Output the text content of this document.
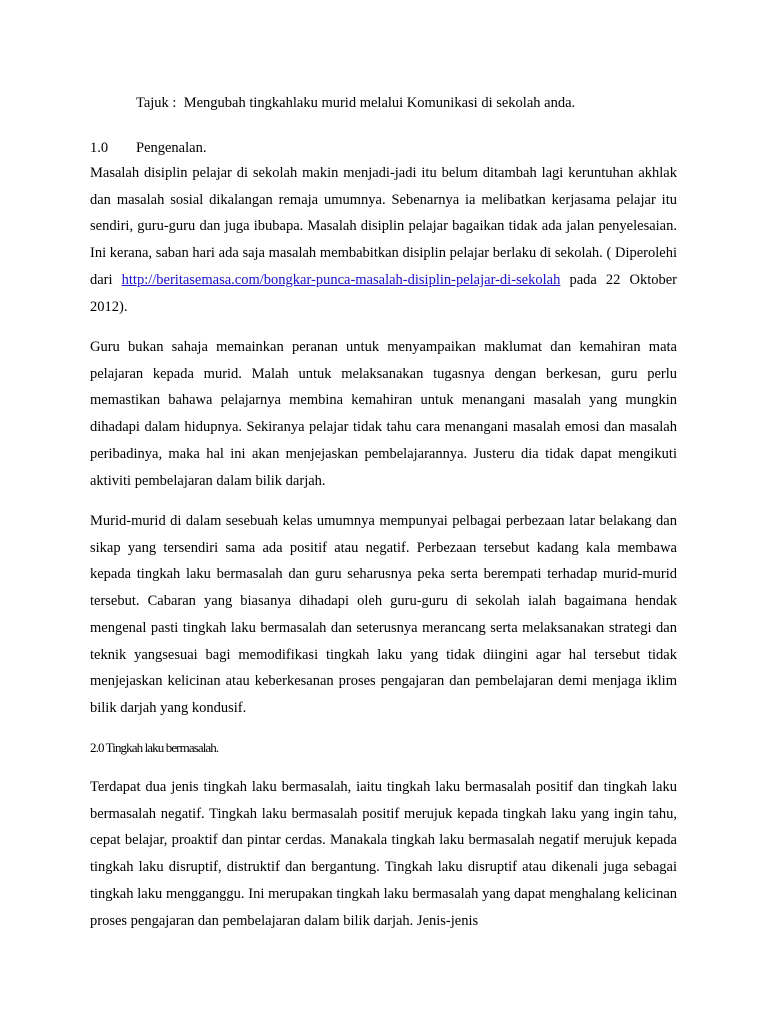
Tajuk : Mengubah tingkahlaku murid melalui Komunikasi di sekolah anda.
1.0 Pengenalan.
Masalah disiplin pelajar di sekolah makin menjadi-jadi itu belum ditambah lagi keruntuhan akhlak dan masalah sosial dikalangan remaja umumnya. Sebenarnya ia melibatkan kerjasama pelajar itu sendiri, guru-guru dan juga ibubapa. Masalah disiplin pelajar bagaikan tidak ada jalan penyelesaian. Ini kerana, saban hari ada saja masalah membabitkan disiplin pelajar berlaku di sekolah. ( Diperolehi dari http://beritasemasa.com/bongkar-punca-masalah-disiplin-pelajar-di-sekolah pada 22 Oktober 2012).
Guru bukan sahaja memainkan peranan untuk menyampaikan maklumat dan kemahiran mata pelajaran kepada murid. Malah untuk melaksanakan tugasnya dengan berkesan, guru perlu memastikan bahawa pelajarnya membina kemahiran untuk menangani masalah yang mungkin dihadapi dalam hidupnya. Sekiranya pelajar tidak tahu cara menangani masalah emosi dan masalah peribadinya, maka hal ini akan menjejaskan pembelajarannya. Justeru dia tidak dapat mengikuti aktiviti pembelajaran dalam bilik darjah.
Murid-murid di dalam sesebuah kelas umumnya mempunyai pelbagai perbezaan latar belakang dan sikap yang tersendiri sama ada positif atau negatif. Perbezaan tersebut kadang kala membawa kepada tingkah laku bermasalah dan guru seharusnya peka serta berempati terhadap murid-murid tersebut. Cabaran yang biasanya dihadapi oleh guru-guru di sekolah ialah bagaimana hendak mengenal pasti tingkah laku bermasalah dan seterusnya merancang serta melaksanakan strategi dan teknik yangsesuai bagi memodifikasi tingkah laku yang tidak diingini agar hal tersebut tidak menjejaskan kelicinan atau keberkesanan proses pengajaran dan pembelajaran demi menjaga iklim bilik darjah yang kondusif.
2.0 Tingkah laku bermasalah.
Terdapat dua jenis tingkah laku bermasalah, iaitu tingkah laku bermasalah positif dan tingkah laku bermasalah negatif. Tingkah laku bermasalah positif merujuk kepada tingkah laku yang ingin tahu, cepat belajar, proaktif dan pintar cerdas. Manakala tingkah laku bermasalah negatif merujuk kepada tingkah laku disruptif, distruktif dan bergantung. Tingkah laku disruptif atau dikenali juga sebagai tingkah laku mengganggu. Ini merupakan tingkah laku bermasalah yang dapat menghalang kelicinan proses pengajaran dan pembelajaran dalam bilik darjah. Jenis-jenis
